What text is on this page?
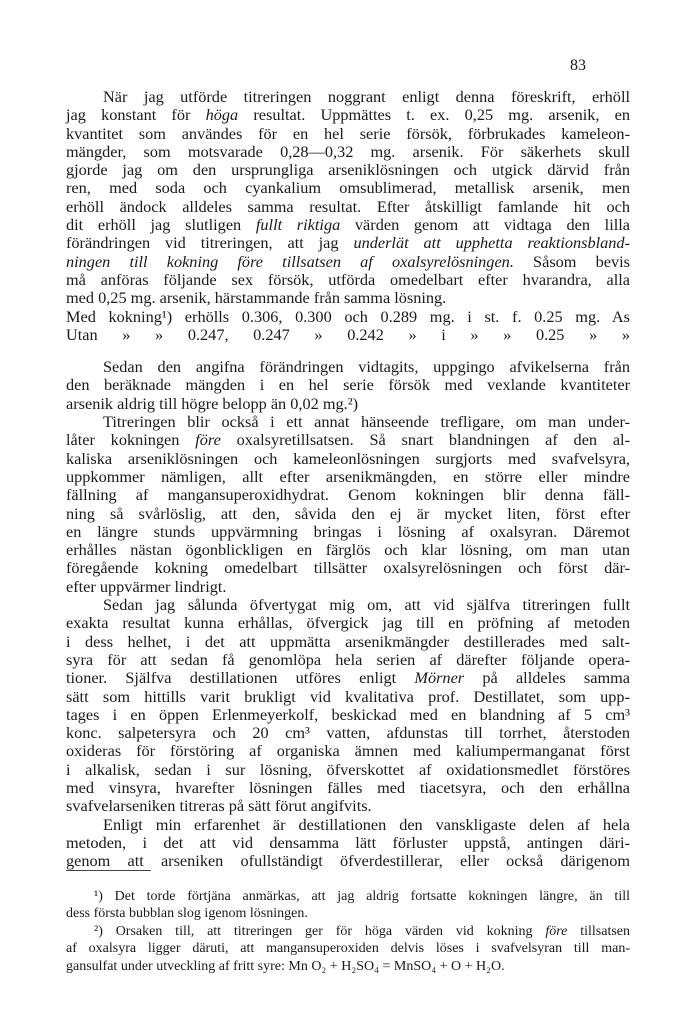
83
När jag utförde titreringen noggrant enligt denna föreskrift, erhöll
jag konstant för höga resultat. Uppmättes t. ex. 0,25 mg. arsenik, en
kvantitet som användes för en hel serie försök, förbrukades kameleon-
mängder, som motsvarade 0,28—0,32 mg. arsenik. För säkerhets skull
gjorde jag om den ursprungliga arseniklösningen och utgick därvid från
ren, med soda och cyankalium omsublimerad, metallisk arsenik, men
erhöll ändock alldeles samma resultat. Efter åtskilligt famlande hit och
dit erhöll jag slutligen fullt riktiga värden genom att vidtaga den lilla
förändringen vid titreringen, att jag underlät att upphetta reaktionsbland-
ningen till kokning före tillsatsen af oxalsyrelösningen. Såsom bevis
må anföras följande sex försök, utförda omedelbart efter hvarandra, alla
med 0,25 mg. arsenik, härstammande från samma lösning.
Med kokning¹) erhölls 0.306, 0.300 och 0.289 mg. i st. f. 0.25 mg. As
Utan » » 0.247, 0.247 » 0.242 » i » » 0.25 » »
Sedan den angifna förändringen vidtagits, uppgingo afvikelserna från
den beräknade mängden i en hel serie försök med vexlande kvantiteter
arsenik aldrig till högre belopp än 0,02 mg.²)
Titreringen blir också i ett annat hänseende trefligare, om man under-
låter kokningen före oxalsyretillsatsen. Så snart blandningen af den al-
kaliska arseniklösningen och kameleonlösningen surgjorts med svafvelsyra,
uppkommer nämligen, allt efter arsenikmängden, en större eller mindre
fällning af mangansuperoxidhydrat. Genom kokningen blir denna fäll-
ning så svårlöslig, att den, såvida den ej är mycket liten, först efter
en längre stunds uppvärmning bringas i lösning af oxalsyran. Däremot
erhålles nästan ögonblickligen en färglös och klar lösning, om man utan
föregående kokning omedelbart tillsätter oxalsyrelösningen och först där-
efter uppvärmer lindrigt.
Sedan jag sålunda öfvertygat mig om, att vid själfva titreringen fullt
exakta resultat kunna erhållas, öfvergick jag till en pröfning af metoden
i dess helhet, i det att uppmätta arsenikmängder destillerades med salt-
syra för att sedan få genomlöpa hela serien af därefter följande opera-
tioner. Själfva destillationen utföres enligt Mörner på alldeles samma
sätt som hittills varit brukligt vid kvalitativa prof. Destillatet, som upp-
tages i en öppen Erlenmeyerkolf, beskickad med en blandning af 5 cm³
konc. salpetersyra och 20 cm³ vatten, afdunstas till torrhet, återstoden
oxideras för förstöring af organiska ämnen med kaliumpermanganat först
i alkalisk, sedan i sur lösning, öfverskottet af oxidationsmedlet förstöres
med vinsyra, hvarefter lösningen fälles med tiacetsyra, och den erhållna
svafvelarseniken titreras på sätt förut angifvits.
Enligt min erfarenhet är destillationen den vanskligaste delen af hela
metoden, i det att vid densamma lätt förluster uppstå, antingen däri-
genom att arseniken ofullständigt öfverdestillerar, eller också därigenom
¹) Det torde förtjäna anmärkas, att jag aldrig fortsatte kokningen längre, än till
dess första bubblan slog igenom lösningen.
²) Orsaken till, att titreringen ger för höga värden vid kokning före tillsatsen
af oxalsyra ligger däruti, att mangansuperoxiden delvis löses i svafvelsyran till man-
gansulfat under utveckling af fritt syre: Mn O₂ + H₂SO₄ = MnSO₄ + O + H₂O.
